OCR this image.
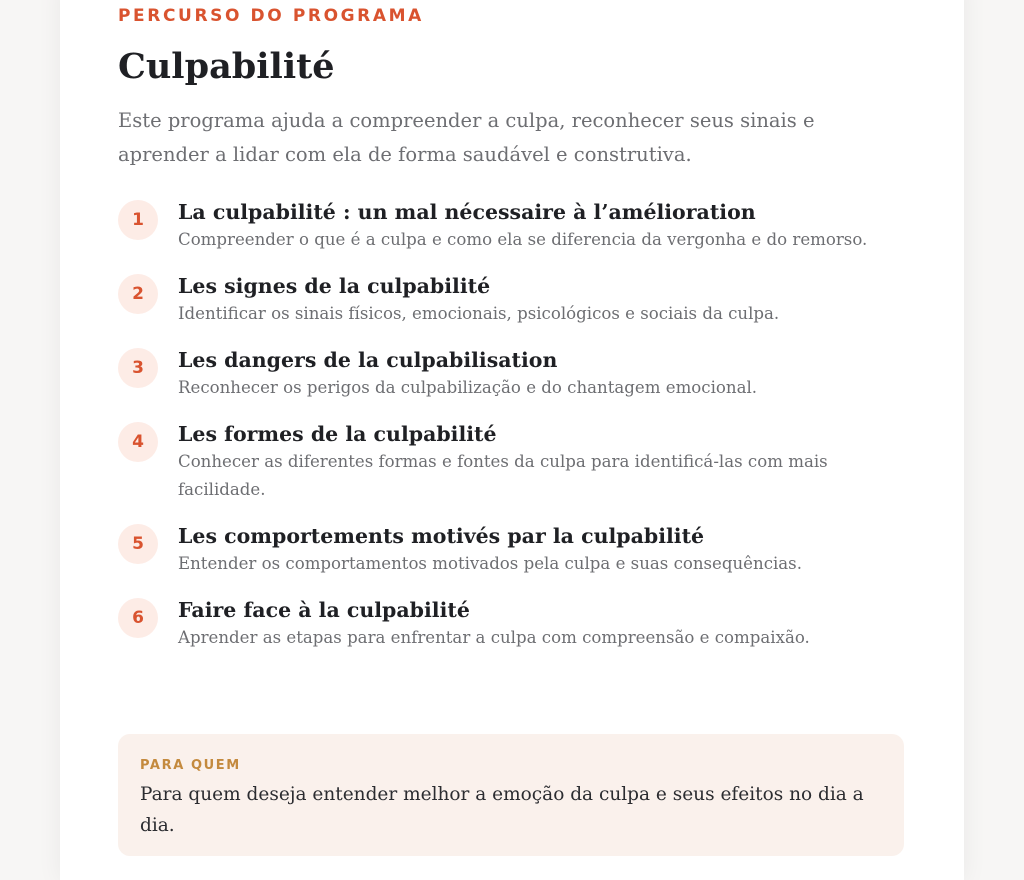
PERCURSO DO PROGRAMA
Culpabilité

Este programa ajuda a compreender a culpa, reconhecer seus sinais e aprender a lidar com ela de forma saudável e construtiva.

1	La culpabilité : un mal nécessaire à l’amélioration
Compreender o que é a culpa e como ela se diferencia da vergonha e do remorso.
2	Les signes de la culpabilité
Identificar os sinais físicos, emocionais, psicológicos e sociais da culpa.
3	Les dangers de la culpabilisation
Reconhecer os perigos da culpabilização e do chantagem emocional.
4	Les formes de la culpabilité
Conhecer as diferentes formas e fontes da culpa para identificá-las com mais facilidade.
5	Les comportements motivés par la culpabilité
Entender os comportamentos motivados pela culpa e suas consequências.
6	Faire face à la culpabilité
Aprender as etapas para enfrentar a culpa com compreensão e compaixão.
PARA QUEM
Para quem deseja entender melhor a emoção da culpa e seus efeitos no dia a dia.
